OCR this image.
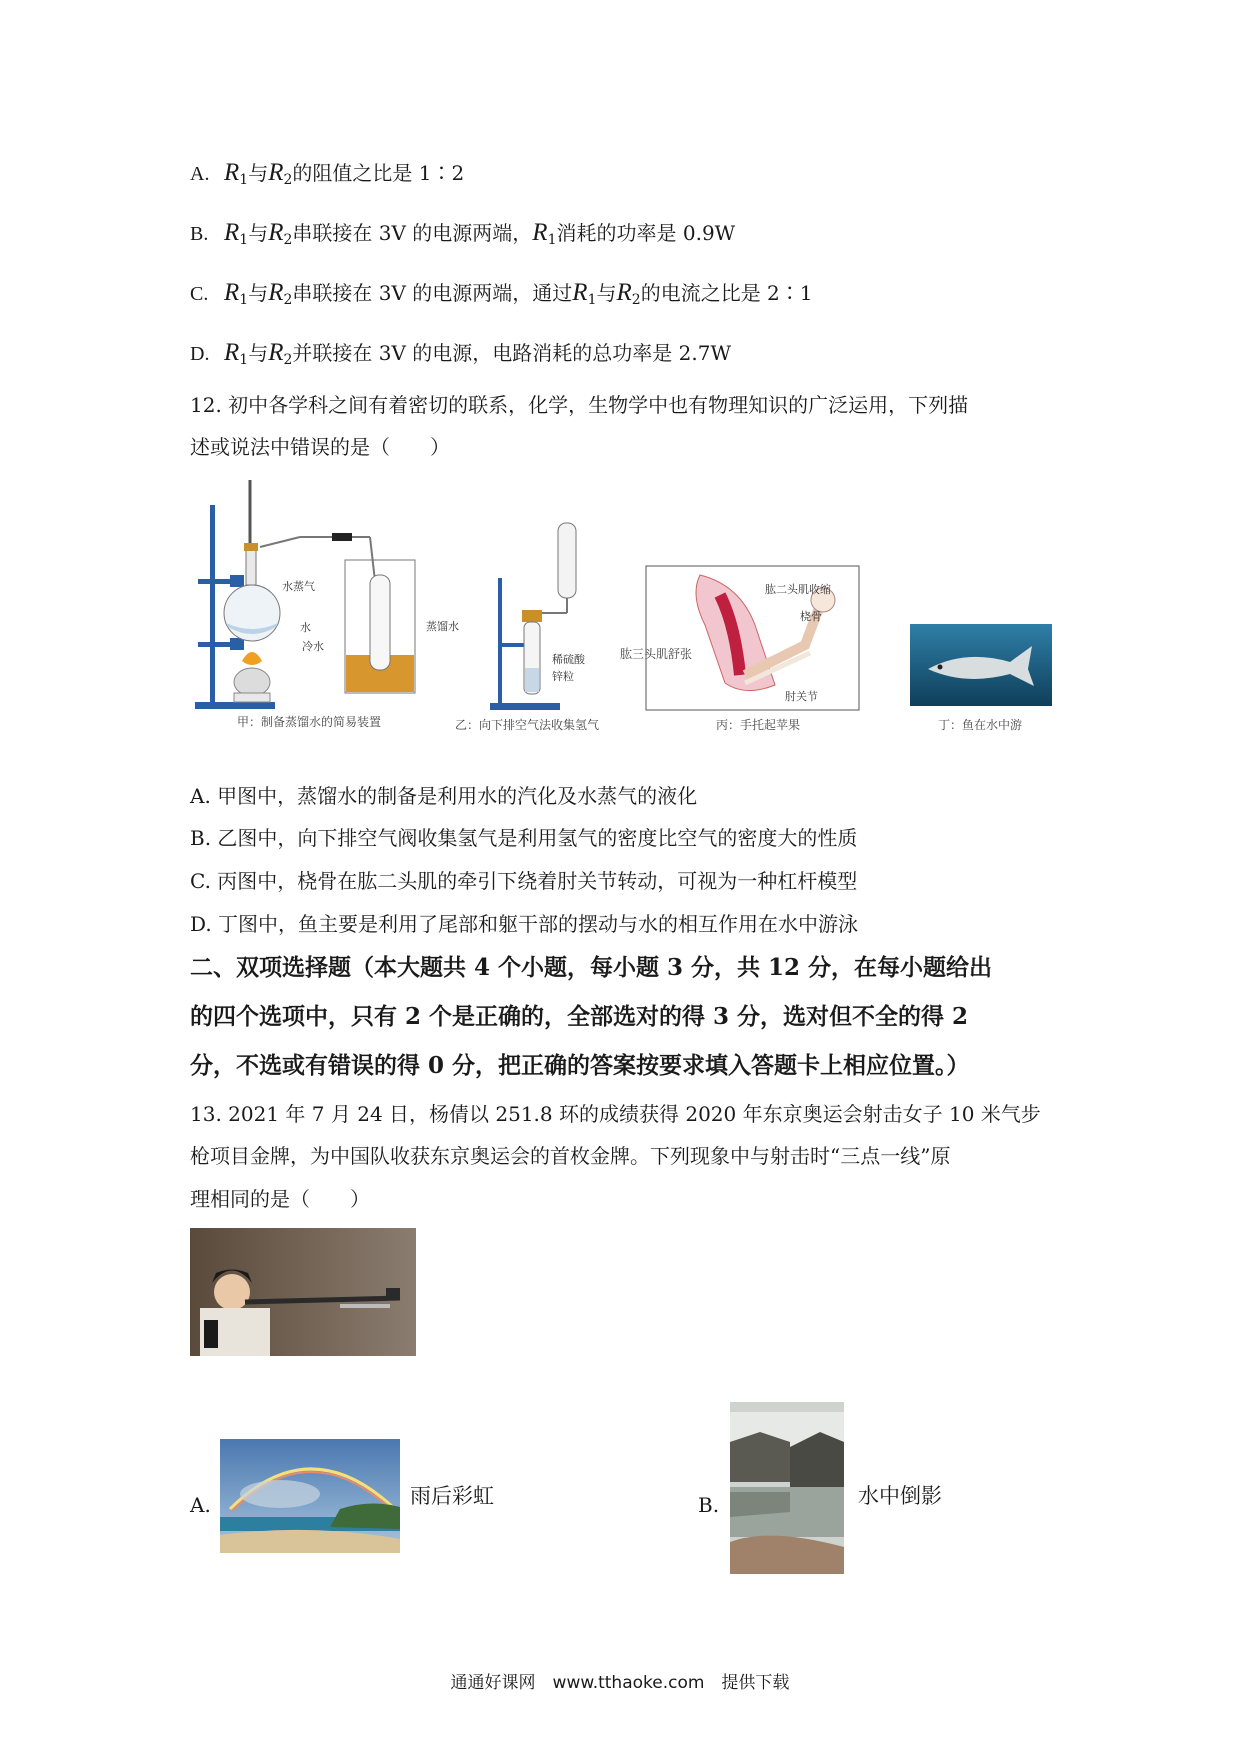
A. $R_1$与$R_2$的阻值之比是 1∶2
B. $R_1$与$R_2$串联接在 3V 的电源两端，$R_1$消耗的功率是 0.9W
C. $R_1$与$R_2$串联接在 3V 的电源两端，通过$R_1$与$R_2$的电流之比是 2∶1
D. $R_1$与$R_2$并联接在 3V 的电源，电路消耗的总功率是 2.7W
12. 初中各学科之间有着密切的联系，化学，生物学中也有物理知识的广泛运用，下列描
述或说法中错误的是（　　）
水蒸气
水
冷水
蒸馏水
甲：制备蒸馏水的简易装置
稀硫酸
锌粒
乙：向下排空气法收集氢气
肱二头肌收缩
桡骨
肘关节
肱三头肌舒张
丙：手托起苹果	丁：鱼在水中游
A. 甲图中，蒸馏水的制备是利用水的汽化及水蒸气的液化
B. 乙图中，向下排空气阀收集氢气是利用氢气的密度比空气的密度大的性质
C. 丙图中，桡骨在肱二头肌的牵引下绕着肘关节转动，可视为一种杠杆模型
D. 丁图中，鱼主要是利用了尾部和躯干部的摆动与水的相互作用在水中游泳
二、双项选择题（本大题共 4 个小题，每小题 3 分，共 12 分，在每小题给出
的四个选项中，只有 2 个是正确的，全部选对的得 3 分，选对但不全的得 2
分，不选或有错误的得 0 分，把正确的答案按要求填入答题卡上相应位置。）
13. 2021 年 7 月 24 日，杨倩以 251.8 环的成绩获得 2020 年东京奥运会射击女子 10 米气步
枪项目金牌，为中国队收获东京奥运会的首枚金牌。下列现象中与射击时“三点一线”原
理相同的是（　　）
A.	雨后彩虹	B.	水中倒影
通通好课网　www.tthaoke.com　提供下载
